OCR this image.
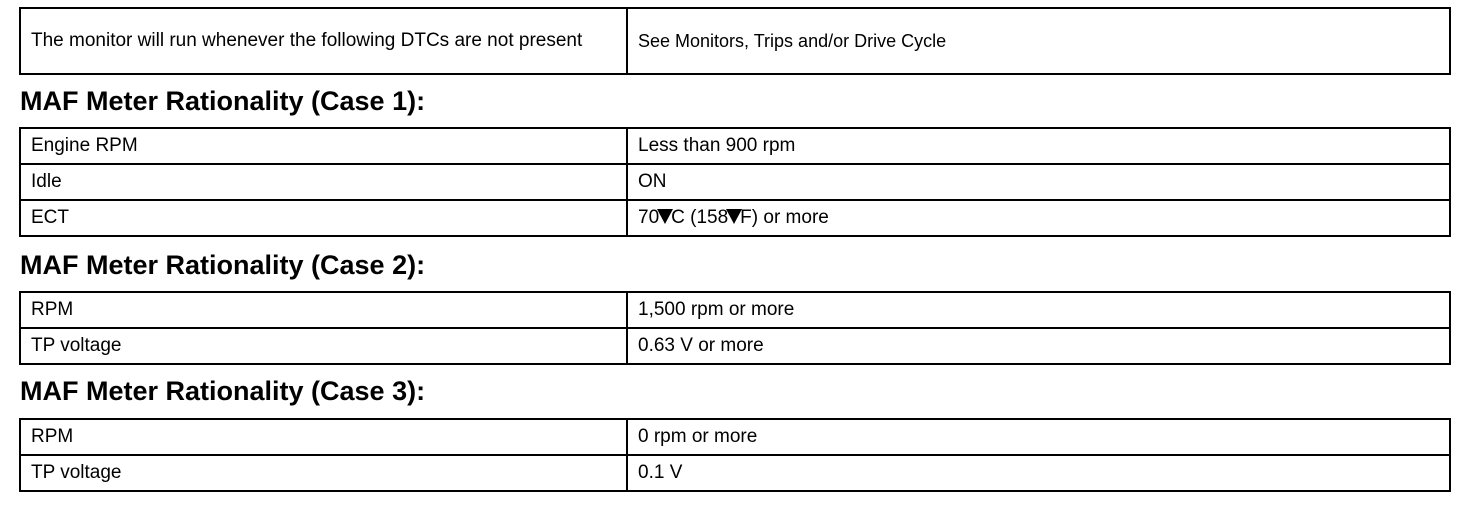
The monitor will run whenever the following DTCs are not present	See Monitors, Trips and/or Drive Cycle
MAF Meter Rationality (Case 1):
Engine RPM	Less than 900 rpm
Idle	ON
ECT	70 C (158 F) or more
MAF Meter Rationality (Case 2):
RPM	1,500 rpm or more
TP voltage	0.63 V or more
MAF Meter Rationality (Case 3):
RPM	0 rpm or more
TP voltage	0.1 V
